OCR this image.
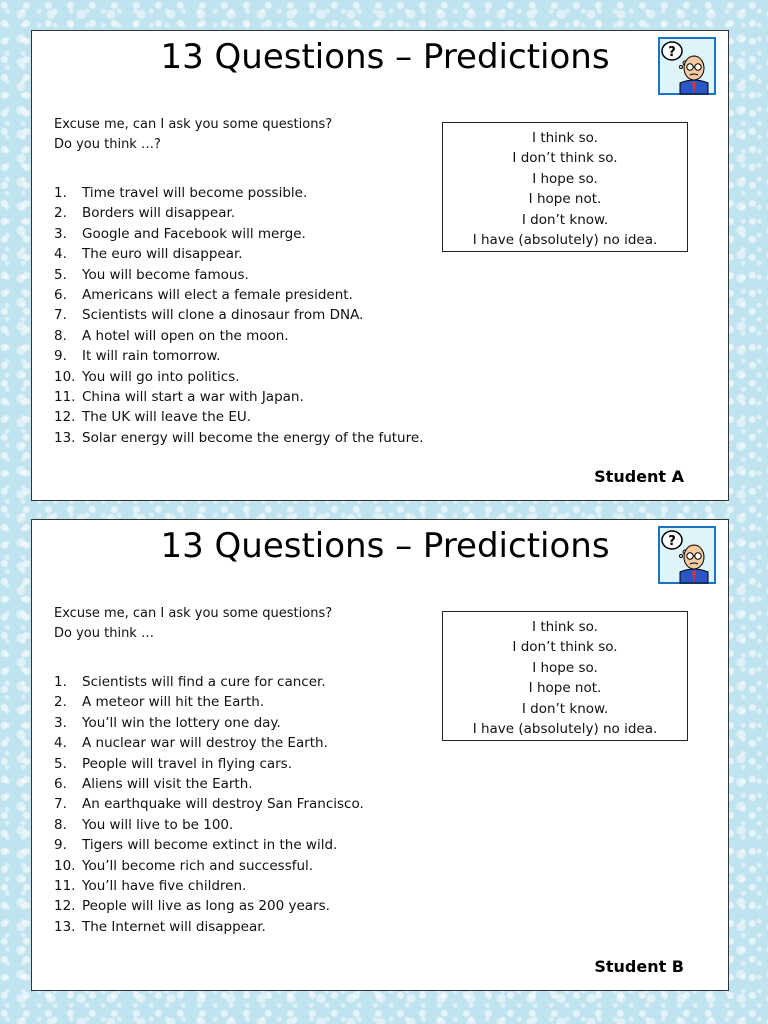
13 Questions – Predictions	?
Excuse me, can I ask you some questions?
Do you think …?	I think so.
I don’t think so.
I hope so.
I hope not.
I don’t know.
I have (absolutely) no idea.
1.	Time travel will become possible.
2.	Borders will disappear.
3.	Google and Facebook will merge.
4.	The euro will disappear.
5.	You will become famous.
6.	Americans will elect a female president.
7.	Scientists will clone a dinosaur from DNA.
8.	A hotel will open on the moon.
9.	It will rain tomorrow.
10. You will go into politics.
11. China will start a war with Japan.
12. The UK will leave the EU.
13. Solar energy will become the energy of the future.
Student A
13 Questions – Predictions	?
Excuse me, can I ask you some questions?
Do you think …	I think so.
I don’t think so.
I hope so.
I hope not.
I don’t know.
I have (absolutely) no idea.
1.	Scientists will find a cure for cancer.
2.	A meteor will hit the Earth.
3.	You’ll win the lottery one day.
4.	A nuclear war will destroy the Earth.
5.	People will travel in flying cars.
6.	Aliens will visit the Earth.
7.	An earthquake will destroy San Francisco.
8.	You will live to be 100.
9.	Tigers will become extinct in the wild.
10. You’ll become rich and successful.
11. You’ll have five children.
12. People will live as long as 200 years.
13. The Internet will disappear.
Student B
